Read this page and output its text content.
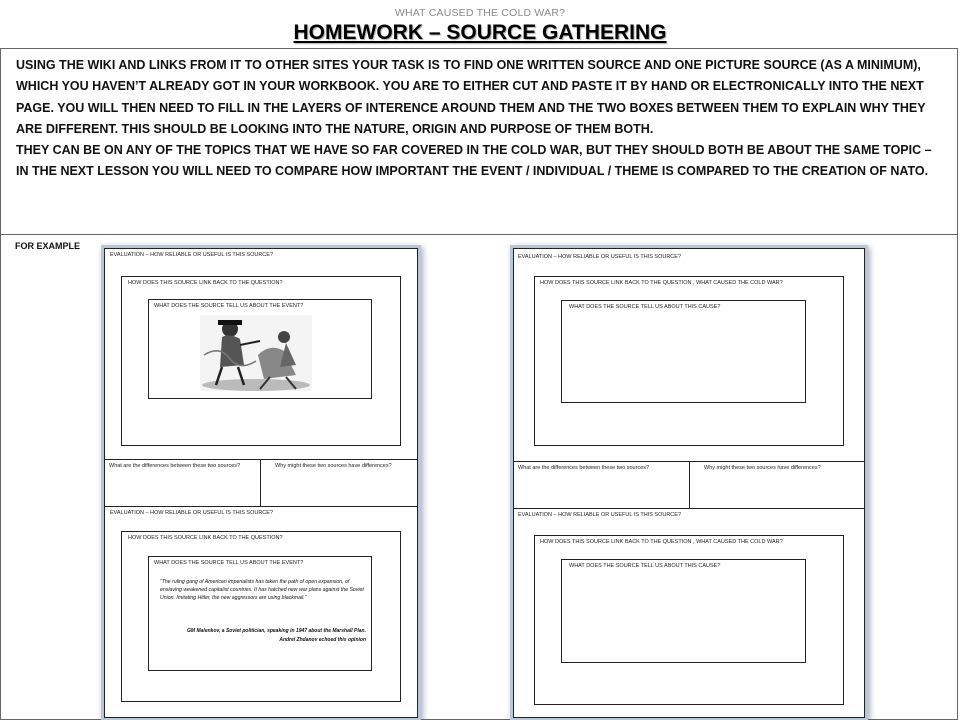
WHAT CAUSED THE COLD WAR?
HOMEWORK – SOURCE GATHERING

USING THE WIKI AND LINKS FROM IT TO OTHER SITES YOUR TASK IS TO FIND ONE WRITTEN SOURCE AND ONE PICTURE SOURCE (AS A MINIMUM), WHICH YOU HAVEN’T ALREADY GOT IN YOUR WORKBOOK. YOU ARE TO EITHER CUT AND PASTE IT BY HAND OR ELECTRONICALLY INTO THE NEXT PAGE. YOU WILL THEN NEED TO FILL IN THE LAYERS OF INTERENCE AROUND THEM AND THE TWO BOXES BETWEEN THEM TO EXPLAIN WHY THEY ARE DIFFERENT. THIS SHOULD BE LOOKING INTO THE NATURE, ORIGIN AND PURPOSE OF THEM BOTH.

THEY CAN BE ON ANY OF THE TOPICS THAT WE HAVE SO FAR COVERED IN THE COLD WAR, BUT THEY SHOULD BOTH BE ABOUT THE SAME TOPIC – IN THE NEXT LESSON YOU WILL NEED TO COMPARE HOW IMPORTANT THE EVENT / INDIVIDUAL / THEME IS COMPARED TO THE CREATION OF NATO.

FOR EXAMPLE
EVALUATION – HOW RELIABLE OR USEFUL IS THIS SOURCE?
HOW DOES THIS SOURCE LINK BACK TO THE QUESTION?
WHAT DOES THE SOURCE TELL US ABOUT THE EVENT?
What are the differences between these two sources?	Why might these two sources have differences?
EVALUATION – HOW RELIABLE OR USEFUL IS THIS SOURCE?
HOW DOES THIS SOURCE LINK BACK TO THE QUESTION?
WHAT DOES THE SOURCE TELL US ABOUT THE EVENT?
“The ruling gang of American imperialists has taken the path of open expansion, of enslaving weakened capitalist countries. It has hatched new war plans against the Soviet Union. Imitating Hitler, the new aggressors are using blackmail.”
GM Malenkov, a Soviet politician, speaking in 1947 about the Marshall Plan.
Andrei Zhdanov echoed this opinion
EVALUATION – HOW RELIABLE OR USEFUL IS THIS SOURCE?
HOW DOES THIS SOURCE LINK BACK TO THE QUESTION , WHAT CAUSED THE COLD WAR?
WHAT DOES THE SOURCE TELL US ABOUT THIS CAUSE?
What are the differences between these two sources?	Why might these two sources have differences?
EVALUATION – HOW RELIABLE OR USEFUL IS THIS SOURCE?
HOW DOES THIS SOURCE LINK BACK TO THE QUESTION , WHAT CAUSED THE COLD WAR?
WHAT DOES THE SOURCE TELL US ABOUT THIS CAUSE?
